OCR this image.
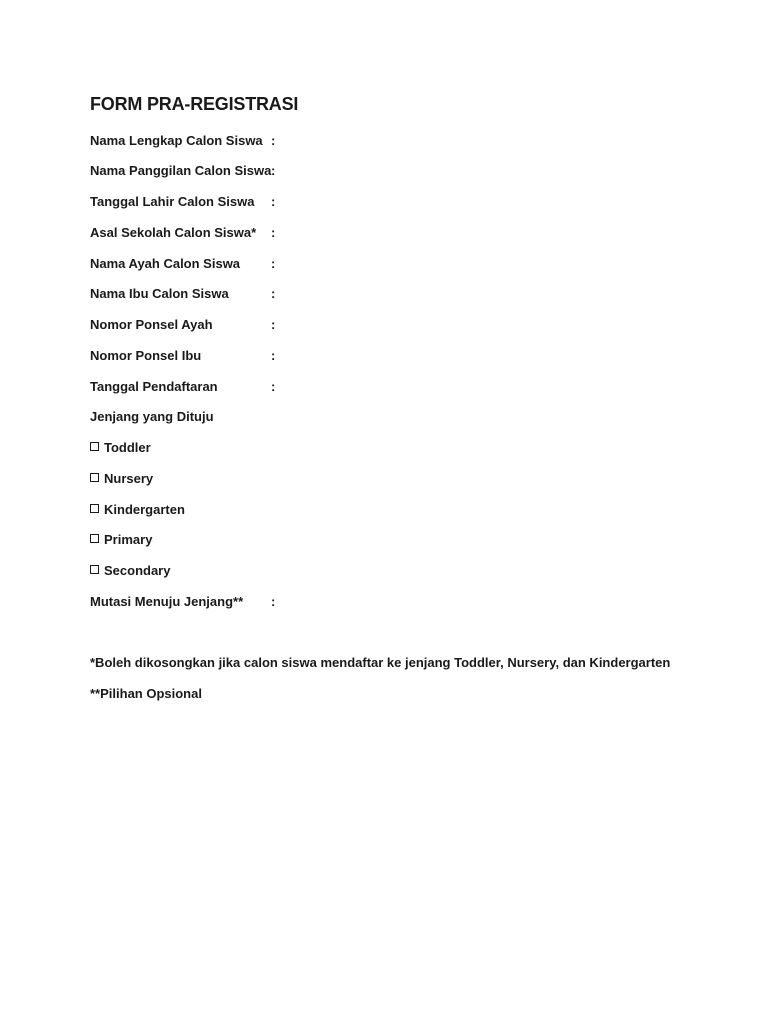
FORM PRA-REGISTRASI
Nama Lengkap Calon Siswa :
Nama Panggilan Calon Siswa:
Tanggal Lahir Calon Siswa :
Asal Sekolah Calon Siswa* :
Nama Ayah Calon Siswa :
Nama Ibu Calon Siswa	:
Nomor Ponsel Ayah	:
Nomor Ponsel Ibu	:
Tanggal Pendaftaran	:
Jenjang yang Dituju
Toddler
Nursery
Kindergarten
Primary
Secondary
Mutasi Menuju Jenjang** :
*Boleh dikosongkan jika calon siswa mendaftar ke jenjang Toddler, Nursery, dan Kindergarten
**Pilihan Opsional
